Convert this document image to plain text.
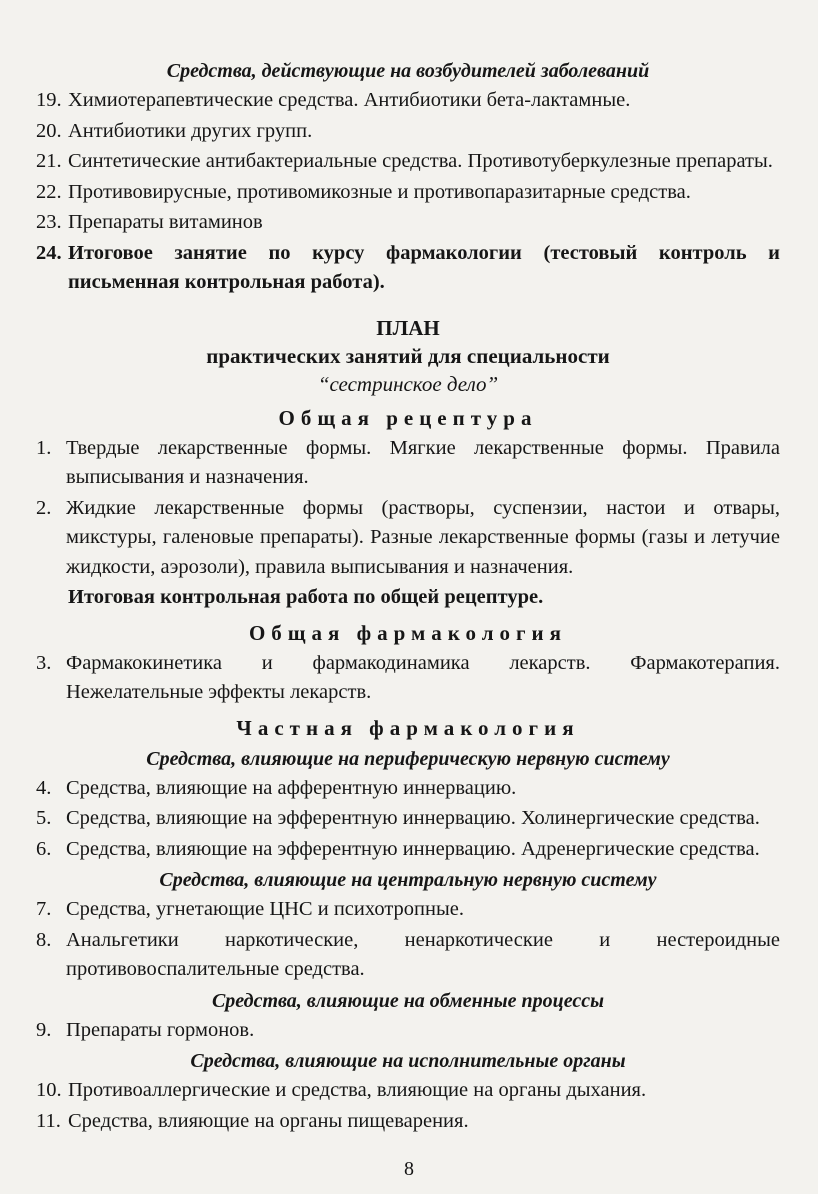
Средства, действующие на возбудителей заболеваний

19. Химиотерапевтические средства. Антибиотики бета-лактамные.
20. Антибиотики других групп.
21. Синтетические антибактериальные средства. Противотуберкулезные препараты.
22. Противовирусные, противомикозные и противопаразитарные средства.
23. Препараты витаминов
24. Итоговое занятие по курсу фармакологии (тестовый контроль и письменная контрольная работа).
ПЛАН
практических занятий для специальности
“сестринское дело”
Общая рецептура
1. Твердые лекарственные формы. Мягкие лекарственные формы. Правила выписывания и назначения.
2. Жидкие лекарственные формы (растворы, суспензии, настои и отвары, микстуры, галеновые препараты). Разные лекарственные формы (газы и летучие жидкости, аэрозоли), правила выписывания и назначения.
Итоговая контрольная работа по общей рецептуре.
Общая фармакология
3. Фармакокинетика и фармакодинамика лекарств. Фармакотерапия. Нежелательные эффекты лекарств.
Частная фармакология

Средства, влияющие на периферическую нервную систему

4. Средства, влияющие на афферентную иннервацию.
5. Средства, влияющие на эфферентную иннервацию. Холинергические средства.
6. Средства, влияющие на эфферентную иннервацию. Адренергические средства.

Средства, влияющие на центральную нервную систему

7. Средства, угнетающие ЦНС и психотропные.
8. Анальгетики наркотические, ненаркотические и нестероидные противовоспалительные средства.

Средства, влияющие на обменные процессы

9. Препараты гормонов.

Средства, влияющие на исполнительные органы

10. Противоаллергические и средства, влияющие на органы дыхания.
11. Средства, влияющие на органы пищеварения.
8
